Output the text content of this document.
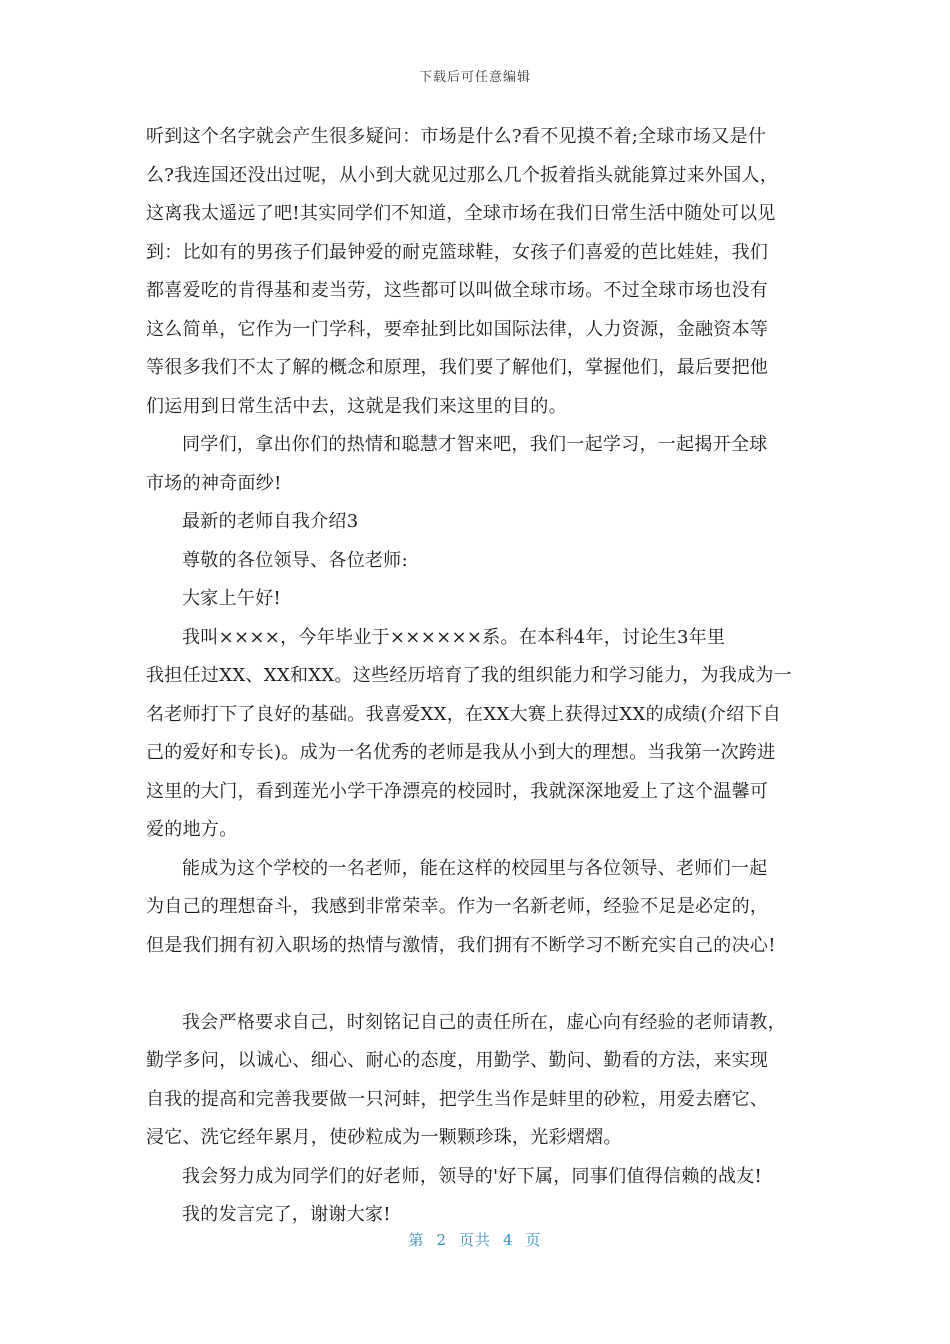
下载后可任意编辑
听到这个名字就会产生很多疑问：市场是什么?看不见摸不着;全球市场又是什
么?我连国还没出过呢，从小到大就见过那么几个扳着指头就能算过来外国人，
这离我太遥远了吧!其实同学们不知道，全球市场在我们日常生活中随处可以见
到：比如有的男孩子们最钟爱的耐克篮球鞋，女孩子们喜爱的芭比娃娃，我们
都喜爱吃的肯得基和麦当劳，这些都可以叫做全球市场。不过全球市场也没有
这么简单，它作为一门学科，要牵扯到比如国际法律，人力资源，金融资本等
等很多我们不太了解的概念和原理，我们要了解他们，掌握他们，最后要把他
们运用到日常生活中去，这就是我们来这里的目的。
同学们，拿出你们的热情和聪慧才智来吧，我们一起学习，一起揭开全球
市场的神奇面纱!
最新的老师自我介绍3
尊敬的各位领导、各位老师:
大家上午好!
我叫××××，今年毕业于××××××系。在本科4年，讨论生3年里
我担任过XX、XX和XX。这些经历培育了我的组织能力和学习能力，为我成为一
名老师打下了良好的基础。我喜爱XX，在XX大赛上获得过XX的成绩(介绍下自
己的爱好和专长)。成为一名优秀的老师是我从小到大的理想。当我第一次跨进
这里的大门，看到莲光小学干净漂亮的校园时，我就深深地爱上了这个温馨可
爱的地方。
能成为这个学校的一名老师，能在这样的校园里与各位领导、老师们一起
为自己的理想奋斗，我感到非常荣幸。作为一名新老师，经验不足是必定的，
但是我们拥有初入职场的热情与激情，我们拥有不断学习不断充实自己的决心!
我会严格要求自己，时刻铭记自己的责任所在，虚心向有经验的老师请教，
勤学多问，以诚心、细心、耐心的态度，用勤学、勤问、勤看的方法，来实现
自我的提高和完善我要做一只河蚌，把学生当作是蚌里的砂粒，用爱去磨它、
浸它、洗它经年累月，使砂粒成为一颗颗珍珠，光彩熠熠。
我会努力成为同学们的好老师，领导的'好下属，同事们值得信赖的战友!
我的发言完了，谢谢大家!
第 2 页共 4 页
